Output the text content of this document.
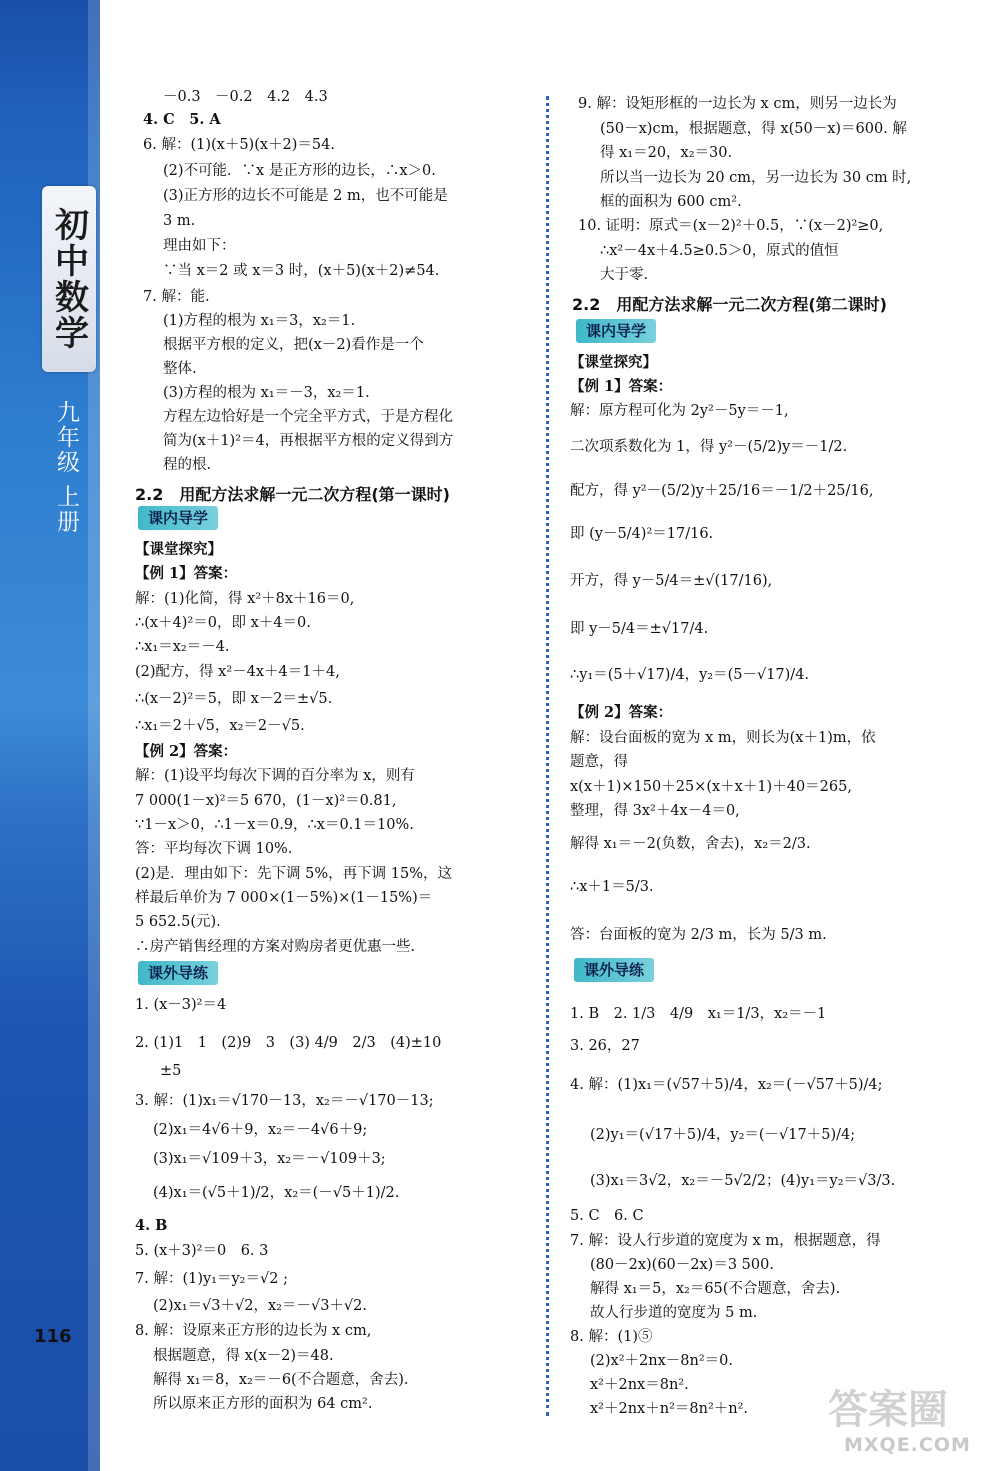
初中数学
九年级 上册
116
－0.3　－0.2　4.2　4.3
4. C　5. A
6. 解：(1)(x＋5)(x＋2)＝54.
(2)不可能．∵x 是正方形的边长，∴x＞0.
(3)正方形的边长不可能是 2 m，也不可能是
3 m.
理由如下：
∵当 x＝2 或 x＝3 时，(x＋5)(x＋2)≠54.
7. 解：能.
(1)方程的根为 x₁＝3，x₂＝1.
根据平方根的定义，把(x－2)看作是一个
整体.
(3)方程的根为 x₁＝－3，x₂＝1.
方程左边恰好是一个完全平方式，于是方程化
简为(x＋1)²＝4，再根据平方根的定义得到方
程的根.
2.2　用配方法求解一元二次方程(第一课时)
课内导学
【课堂探究】
【例 1】答案：
解：(1)化简，得 x²＋8x＋16＝0,
∴(x＋4)²＝0，即 x＋4＝0.
∴x₁＝x₂＝－4.
(2)配方，得 x²－4x＋4＝1＋4,
∴(x－2)²＝5，即 x－2＝±√5.
∴x₁＝2＋√5，x₂＝2－√5.
【例 2】答案：
解：(1)设平均每次下调的百分率为 x，则有
7 000(1－x)²＝5 670，(1－x)²＝0.81,
∵1－x＞0，∴1－x＝0.9，∴x＝0.1＝10%.
答：平均每次下调 10%.
(2)是．理由如下：先下调 5%，再下调 15%，这
样最后单价为 7 000×(1－5%)×(1－15%)＝
5 652.5(元).
∴房产销售经理的方案对购房者更优惠一些.
课外导练
1. (x－3)²＝4
2. (1)1　1　(2)9　3　(3) 4/9　2/3　(4)±10
±5
3. 解：(1)x₁＝√170－13，x₂＝－√170－13;
(2)x₁＝4√6＋9，x₂＝－4√6＋9;
(3)x₁＝√109＋3，x₂＝－√109＋3;
(4)x₁＝(√5＋1)/2，x₂＝(－√5＋1)/2.
4. B
5. (x＋3)²＝0　6. 3
7. 解：(1)y₁＝y₂＝√2 ;
(2)x₁＝√3＋√2，x₂＝－√3＋√2.
8. 解：设原来正方形的边长为 x cm,
根据题意，得 x(x－2)＝48.
解得 x₁＝8，x₂＝－6(不合题意，舍去).
所以原来正方形的面积为 64 cm².
9. 解：设矩形框的一边长为 x cm，则另一边长为
(50－x)cm，根据题意，得 x(50－x)＝600. 解
得 x₁＝20，x₂＝30.
所以当一边长为 20 cm，另一边长为 30 cm 时,
框的面积为 600 cm².
10. 证明：原式＝(x－2)²＋0.5，∵(x－2)²≥0,
∴x²－4x＋4.5≥0.5＞0，原式的值恒
大于零.
2.2　用配方法求解一元二次方程(第二课时)
课内导学
【课堂探究】
【例 1】答案：
解：原方程可化为 2y²－5y＝－1,
二次项系数化为 1，得 y²－(5/2)y＝－1/2.
配方，得 y²－(5/2)y＋25/16＝－1/2＋25/16,
即 (y－5/4)²＝17/16.
开方，得 y－5/4＝±√(17/16),
即 y－5/4＝±√17/4.
∴y₁＝(5＋√17)/4，y₂＝(5－√17)/4.
【例 2】答案：
解：设台面板的宽为 x m，则长为(x＋1)m，依
题意，得
x(x＋1)×150＋25×(x＋x＋1)＋40＝265,
整理，得 3x²＋4x－4＝0,
解得 x₁＝－2(负数，舍去)，x₂＝2/3.
∴x＋1＝5/3.
答：台面板的宽为 2/3 m，长为 5/3 m.
课外导练
1. B　2. 1/3　4/9　x₁＝1/3，x₂＝－1
3. 26，27
4. 解：(1)x₁＝(√57＋5)/4，x₂＝(－√57＋5)/4;
(2)y₁＝(√17＋5)/4，y₂＝(－√17＋5)/4;
(3)x₁＝3√2，x₂＝－5√2/2；(4)y₁＝y₂＝√3/3.
5. C　6. C
7. 解：设人行步道的宽度为 x m，根据题意，得
(80－2x)(60－2x)＝3 500.
解得 x₁＝5，x₂＝65(不合题意，舍去).
故人行步道的宽度为 5 m.
8. 解：(1)⑤
(2)x²＋2nx－8n²＝0.
x²＋2nx＝8n².
x²＋2nx＋n²＝8n²＋n². 答案圈
MXQE.COM
